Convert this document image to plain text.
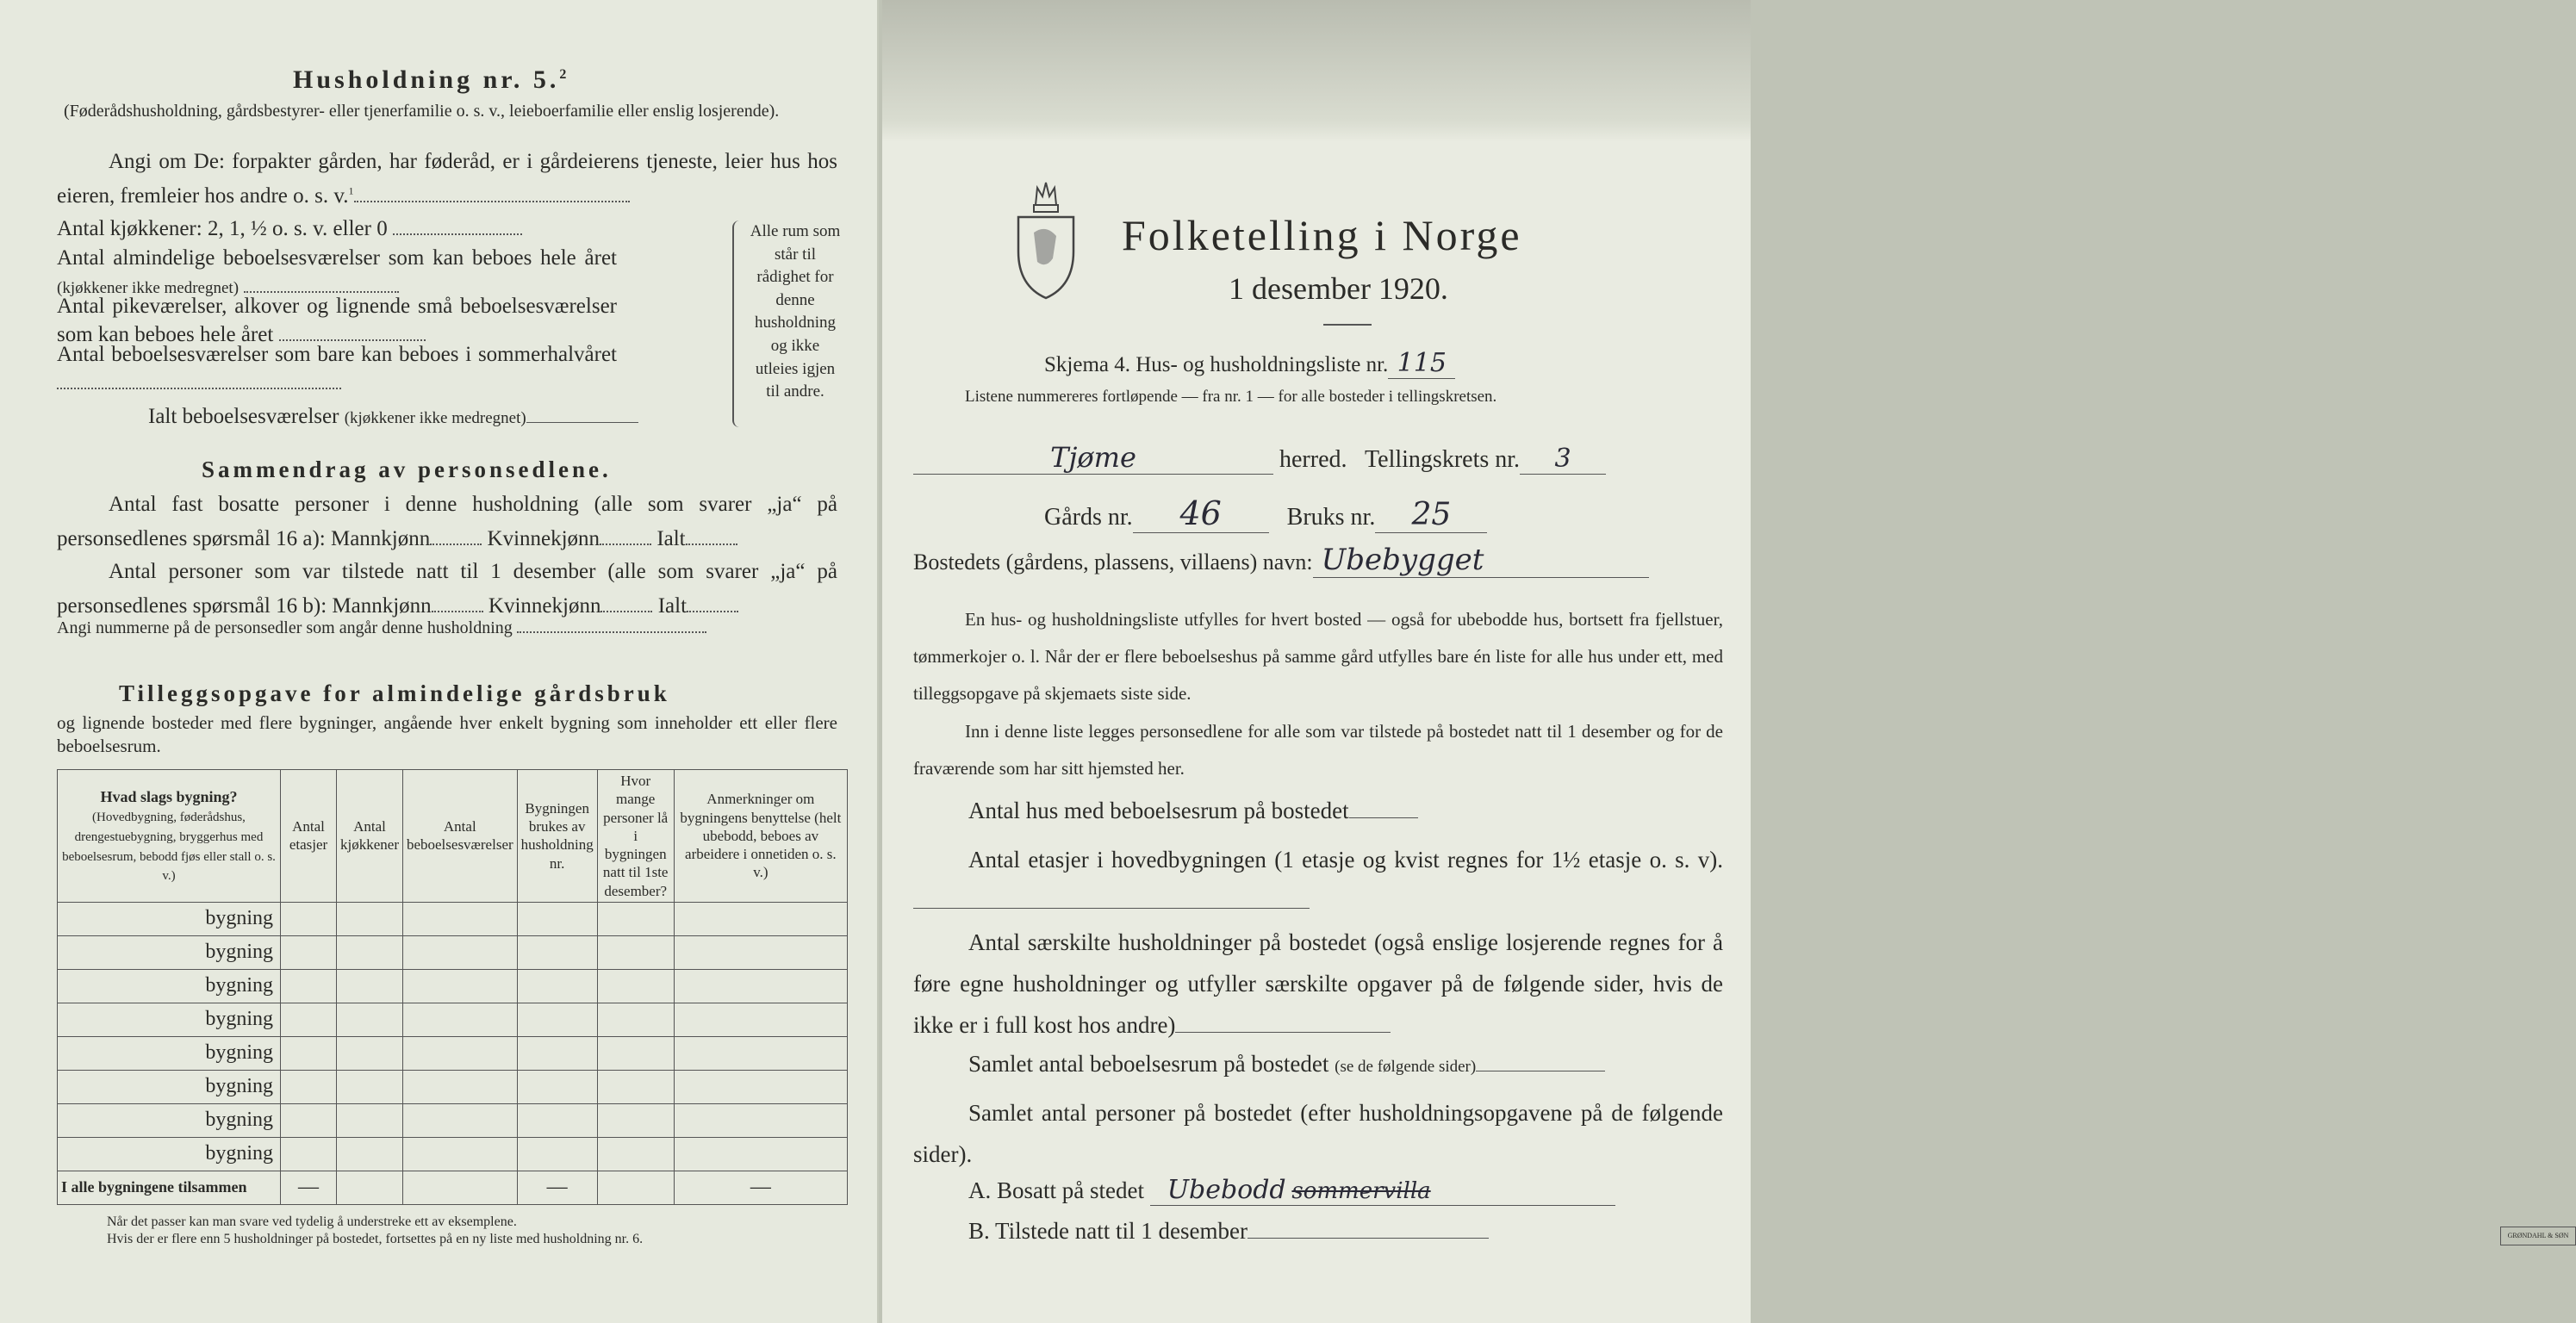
Husholdning nr. 5.$^2$
(Føderådshusholdning, gårdsbestyrer- eller tjenerfamilie o. s. v., leieboerfamilie eller enslig losjerende).
Angi om De: forpakter gården, har føderåd, er i gårdeierens tjeneste, leier hus hos eieren, fremleier hos andre o. s. v.$^1$
Antal kjøkkener: 2, 1, ½ o. s. v. eller 0
Antal almindelige beboelsesværelser som kan beboes hele året (kjøkkener ikke medregnet)
Antal pikeværelser, alkover og lignende små beboelsesværelser som kan beboes hele året
Antal beboelsesværelser som bare kan beboes i sommerhalvåret
Ialt beboelsesværelser (kjøkkener ikke medregnet)
Alle rum som står til rådighet for denne husholdning og ikke utleies igjen til andre.
Sammendrag av personsedlene.
Antal fast bosatte personer i denne husholdning (alle som svarer „ja“ på personsedlenes spørsmål 16 a): Mannkjønn	Kvinnekjønn	Ialt
Antal personer som var tilstede natt til 1 desember (alle som svarer „ja“ på personsedlenes spørsmål 16 b): Mannkjønn	Kvinnekjønn	Ialt
Angi nummerne på de personsedler som angår denne husholdning
Tilleggsopgave for almindelige gårdsbruk
og lignende bosteder med flere bygninger, angående hver enkelt bygning som inneholder ett eller flere beboelsesrum.
Hvad slags bygning?
(Hovedbygning, føderådshus, drengestuebygning, bryggerhus med beboelsesrum, bebodd fjøs eller stall o. s. v.)	Antal etasjer	Antal kjøkkener	Antal beboelsesværelser	Bygningen brukes av husholdning nr.	Hvor mange personer lå i bygningen natt til 1ste desember?	Anmerkninger om bygningens benyttelse (helt ubebodd, beboes av arbeidere i onnetiden o. s. v.)
bygning						
bygning						
bygning						
bygning						
bygning						
bygning						
bygning						
bygning						
I alle bygningene tilsammen	—			—		—
Når det passer kan man svare ved tydelig å understreke ett av eksemplene.
Hvis der er flere enn 5 husholdninger på bostedet, fortsettes på en ny liste med husholdning nr. 6.
Folketelling i Norge
1 desember 1920.
Skjema 4. Hus- og husholdningsliste nr. 115
Listene nummereres fortløpende — fra nr. 1 — for alle bosteder i tellingskretsen.
Tjøme	herred. Tellingskrets nr. 3
Gårds nr. 46	Bruks nr. 25
Bostedets (gårdens, plassens, villaens) navn: Ubebygget
En hus- og husholdningsliste utfylles for hvert bosted — også for ubebodde hus, bortsett fra fjellstuer, tømmerkojer o. l. Når der er flere beboelseshus på samme gård utfylles bare én liste for alle hus under ett, med tilleggsopgave på skjemaets siste side.
Inn i denne liste legges personsedlene for alle som var tilstede på bostedet natt til 1 desember og for de fraværende som har sitt hjemsted her.
Antal hus med beboelsesrum på bostedet
Antal etasjer i hovedbygningen (1 etasje og kvist regnes for 1½ etasje o. s. v).
Antal særskilte husholdninger på bostedet (også enslige losjerende regnes for å føre egne husholdninger og utfyller særskilte opgaver på de følgende sider, hvis de ikke er i full kost hos andre)
Samlet antal beboelsesrum på bostedet (se de følgende sider)
Samlet antal personer på bostedet (efter husholdningsopgavene på de følgende sider).
A. Bosatt på stedet Ubebodd sommervilla
B. Tilstede natt til 1 desember	GRØNDAHL & SØN
